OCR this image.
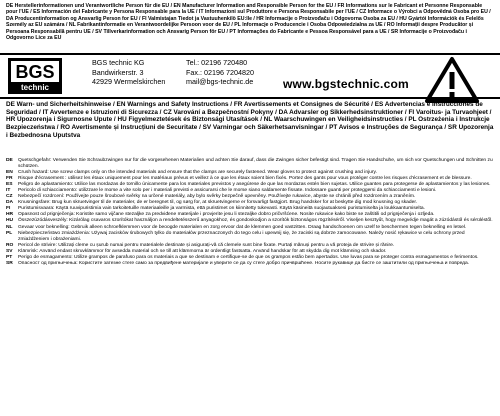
DE Herstellerinformationen und Verantwortliche Person für die EU / EN Manufacturer Information and Responsible Person for the EU / FR Informations sur le Fabricant et Personne Responsable pour l'UE / ES Información del Fabricante y Persona Responsable para la UE / IT Informazioni sul Produttore e Persona Responsabile per l'UE / CZ Informace o Výrobci a Odpovědná Osoba pro EU / DA Producentinformation og Ansvarlig Person for EU / FI Valmistajan Tiedot ja Vastuuhenkilö EU:lle / HR Informacije o Proizvođaču i Odgovorna Osoba za EU / HU Gyártói Információk és Felelős Személy az EU számára / NL Fabrikantinformatie en Verantwoordelijke Persoon voor de EU / PL Informacje o Producencie i Osoba Odpowiedzialna za UE / RO Informații despre Producător și Persoana Responsabilă pentru UE / SV Tillverkarinformation och Ansvarig Person för EU / PT Informações do Fabricante e Pessoa Responsável para a UE / SR Informacije o Proizvođaču i Odgovorno Lice za EU
BGS
technic
BGS technic KG
Bandwirkerstr. 3
42929 Wermelskirchen
Tel.: 02196 720480
Fax.: 02196 7204820
mail@bgs-technic.de www.bgstechnic.com
DE Warn- und Sicherheitshinweise / EN Warnings and Safety Instructions / FR Avertissements et Consignes de Sécurité / ES Advertencias e Instrucciones de Seguridad / IT Avvertenze e Istruzioni di Sicurezza / CZ Varování a Bezpečnostní Pokyny / DA Advarsler og Sikkerhedsinstruktioner / FI Varoitus- ja Turvaohjeet / HR Upozorenja i Sigurnosne Upute / HU Figyelmeztetések és Biztonsági Utasítások / NL Waarschuwingen en Veiligheidsinstructies / PL Ostrzeżenia i Instrukcje Bezpieczeństwa / RO Avertismente și Instrucțiuni de Securitate / SV Varningar och Säkerhetsanvisningar / PT Avisos e Instruções de Segurança / SR Upozorenja i Bezbednosna Uputstva
DE	Quetschgefahr: Verwenden Sie Schraubzwingen nur für die vorgesehenen Materialien und achten Sie darauf, dass die Zwingen sicher befestigt sind. Tragen Sie Handschuhe, um sich vor Quetschungen und Schnitten zu schützen.
EN	Crush hazard: Use screw clamps only on the intended materials and ensure that the clamps are securely fastened. Wear gloves to protect against crushing and injury.
FR	Risque d'écrasement : utilisez les étaux uniquement pour les matériaux prévus et veillez à ce que les étaux soient bien fixés. Portez des gants pour vous protéger contre les risques d'écrasement et de blessure.
ES	Peligro de aplastamiento: Utilice las mordazas de tornillo únicamente para los materiales previstos y asegúrese de que las mordazas estén bien sujetas. Utilice guantes para protegerse de aplastamientos y las lesiones.
IT	Pericolo di schiacciamento: utilizzare le morse a vite solo per i materiali previsti e assicurarsi che le morse siano saldamente fissate. Indossare guanti per proteggersi da schiacciamenti e lesioni.
CZ	Nebezpečí rozdrcení: Používejte pouze šroubové svěrky na určené materiály, aby bylo svěrky bezpečně upevněny. Používejte rukavice, abyste se chránili před rozdrcením a zraněním.
DA	Knusningsfare: Brug kun skruetvinger til de materialer, de er beregnet til, og sørg for, at skruetvingerne er forsvarligt fastgjort. Brug handsker for at beskytte dig mod knusning og skader.
FI	Puristumisvaara: Käytä ruuvipuristimia vain tarkoitetuille materiaaleille ja varmista, että puristimet on kiinnitetty tukevasti. Käytä käsineitä suojautuaksesi puristumiselta ja loukkaantumiselta.
HR	Opasnost od prignječenja: Koristite samo vijčane stezaljke za predviđene materijale i provjerite jesu li stezaljke dobro pričvršćene. Nosite rukavice kako biste se zaštitili od prignječenja i ozljeda.
HU	Összezúzódásveszély: Kizárólag csavaros szorítókat használjon a rendeltetésszerű anyagokhoz, és gondoskodjon a szorítók biztonságos rögzítéséről. Viseljen kesztyűt, hogy megvédje magát a zúzódástól és sérüléstől.
NL	Gevaar voor beknelling: Gebruik alleen schroefklemmen voor de beoogde materialen en zorg ervoor dat de klemmen goed vastzitten. Draag handschoenen om uzelf te beschermen tegen beknelling en letsel.
PL	Niebezpieczeństwo zmiażdżenia: Używaj zacisków śrubowych tylko do materiałów przeznaczonych do tego celu i upewnij się, że zaciski są dobrze zamocowane. Należy nosić rękawice w celu ochrony przed zmiażdżeniem i obrażeniami.
RO Pericol de strivire: Utilizați cleme cu șurub numai pentru materialele destinate și asigurați-vă că clemele sunt bine fixate. Purtați mănuși pentru a vă proteja de strivire și rănire.
SV	Klämrisk: Använd endast skruvklämmor för avsedda material och se till att klämmorna är ordentligt fastsatta. Använd handskar för att skydda dig mot klämning och skador.
PT	Perigo de esmagamento: Utilize grampos de parafuso para os materiais a que se destinam e certifique-se de que os grampos estão bem apertados. Use luvas para se proteger contra esmagamentos e ferimentos.
SR	Опасност од пригњечења: Користите затезне стеге само за предвиђене материјале и уверите се да су стеге добро причвршћене. Носите рукавице да бисте се заштитили од пригњечења и повреда.
